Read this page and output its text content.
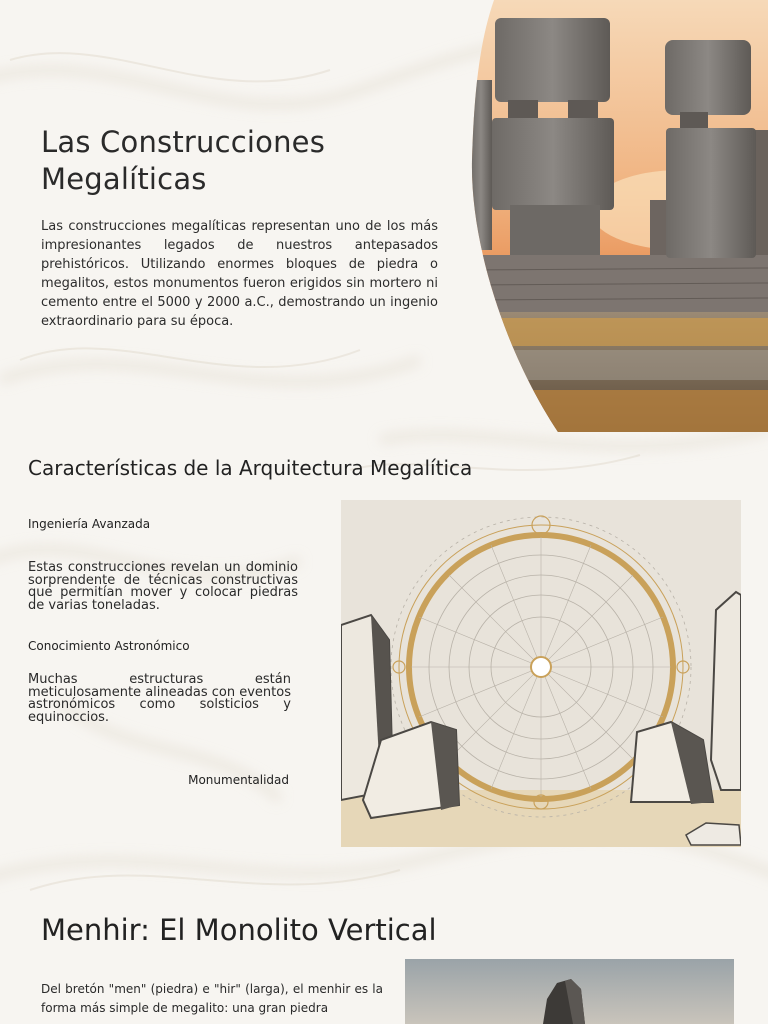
Las Construcciones Megalíticas

Las construcciones megalíticas representan uno de los más impresionantes legados de nuestros antepasados prehistóricos. Utilizando enormes bloques de piedra o megalitos, estos monumentos fueron erigidos sin mortero ni cemento entre el 5000 y 2000 a.C., demostrando un ingenio extraordinario para su época.

Características de la Arquitectura Megalítica
Ingeniería Avanzada

Estas construcciones revelan un dominio sorprendente de técnicas constructivas que permitían mover y colocar piedras de varias toneladas.

Conocimiento Astronómico

Muchas estructuras están meticulosamente alineadas con eventos astronómicos como solsticios y equinoccios.

Monumentalidad
Menhir: El Monolito Vertical

Del bretón "men" (piedra) e "hir" (larga), el menhir es la forma más simple de megalito: una gran piedra
